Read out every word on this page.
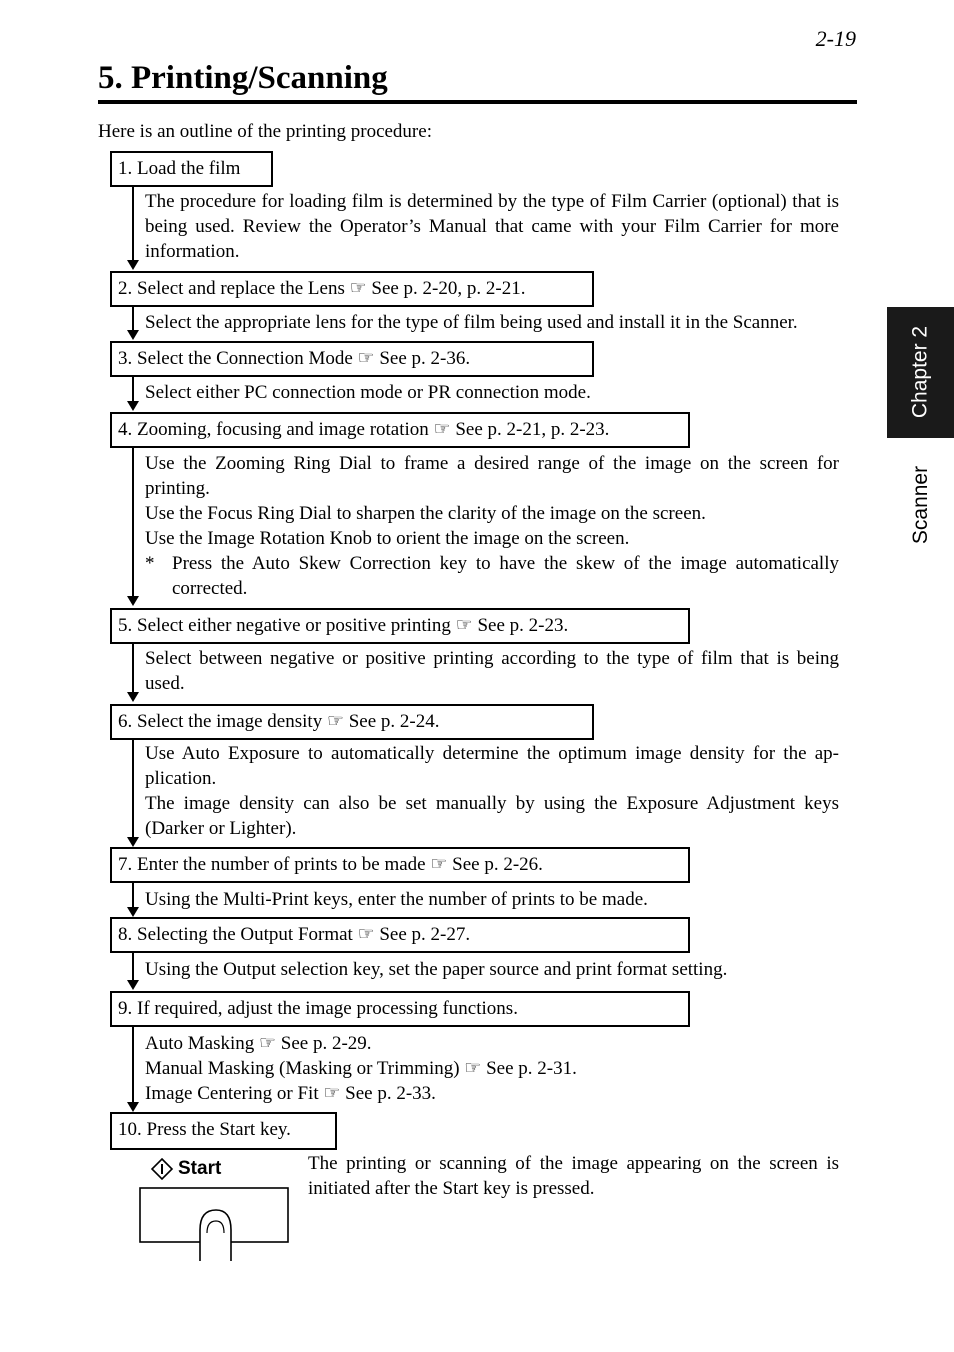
2-19
5. Printing/Scanning
Here is an outline of the printing procedure:
Chapter 2
Scanner
1. Load the film

The procedure for loading film is determined by the type of Film Carrier (optional) that is being used. Review the Operator’s Manual that came with your Film Carrier for more information.

2. Select and replace the Lens ☞ See p. 2-20, p. 2-21.

Select the appropriate lens for the type of film being used and install it in the Scanner.

3. Select the Connection Mode ☞ See p. 2-36.

Select either PC connection mode or PR connection mode.

4. Zooming, focusing and image rotation ☞ See p. 2-21, p. 2-23.

Use the Zooming Ring Dial to frame a desired range of the image on the screen for printing.

Use the Focus Ring Dial to sharpen the clarity of the image on the screen.

Use the Image Rotation Knob to orient the image on the screen.

* Press the Auto Skew Correction key to have the skew of the image automatically corrected.
5. Select either negative or positive printing ☞ See p. 2-23.

Select between negative or positive printing according to the type of film that is being used.

6. Select the image density ☞ See p. 2-24.

Use Auto Exposure to automatically determine the optimum image density for the ap-plication.

The image density can also be set manually by using the Exposure Adjustment keys (Darker or Lighter).

7. Enter the number of prints to be made ☞ See p. 2-26.

Using the Multi-Print keys, enter the number of prints to be made.

8. Selecting the Output Format ☞ See p. 2-27.

Using the Output selection key, set the paper source and print format setting.

9. If required, adjust the image processing functions.

Auto Masking ☞ See p. 2-29.

Manual Masking (Masking or Trimming) ☞ See p. 2-31.

Image Centering or Fit ☞ See p. 2-33.

10. Press the Start key.
Start	The printing or scanning of the image appearing on the screen is initiated after the Start key is pressed.
